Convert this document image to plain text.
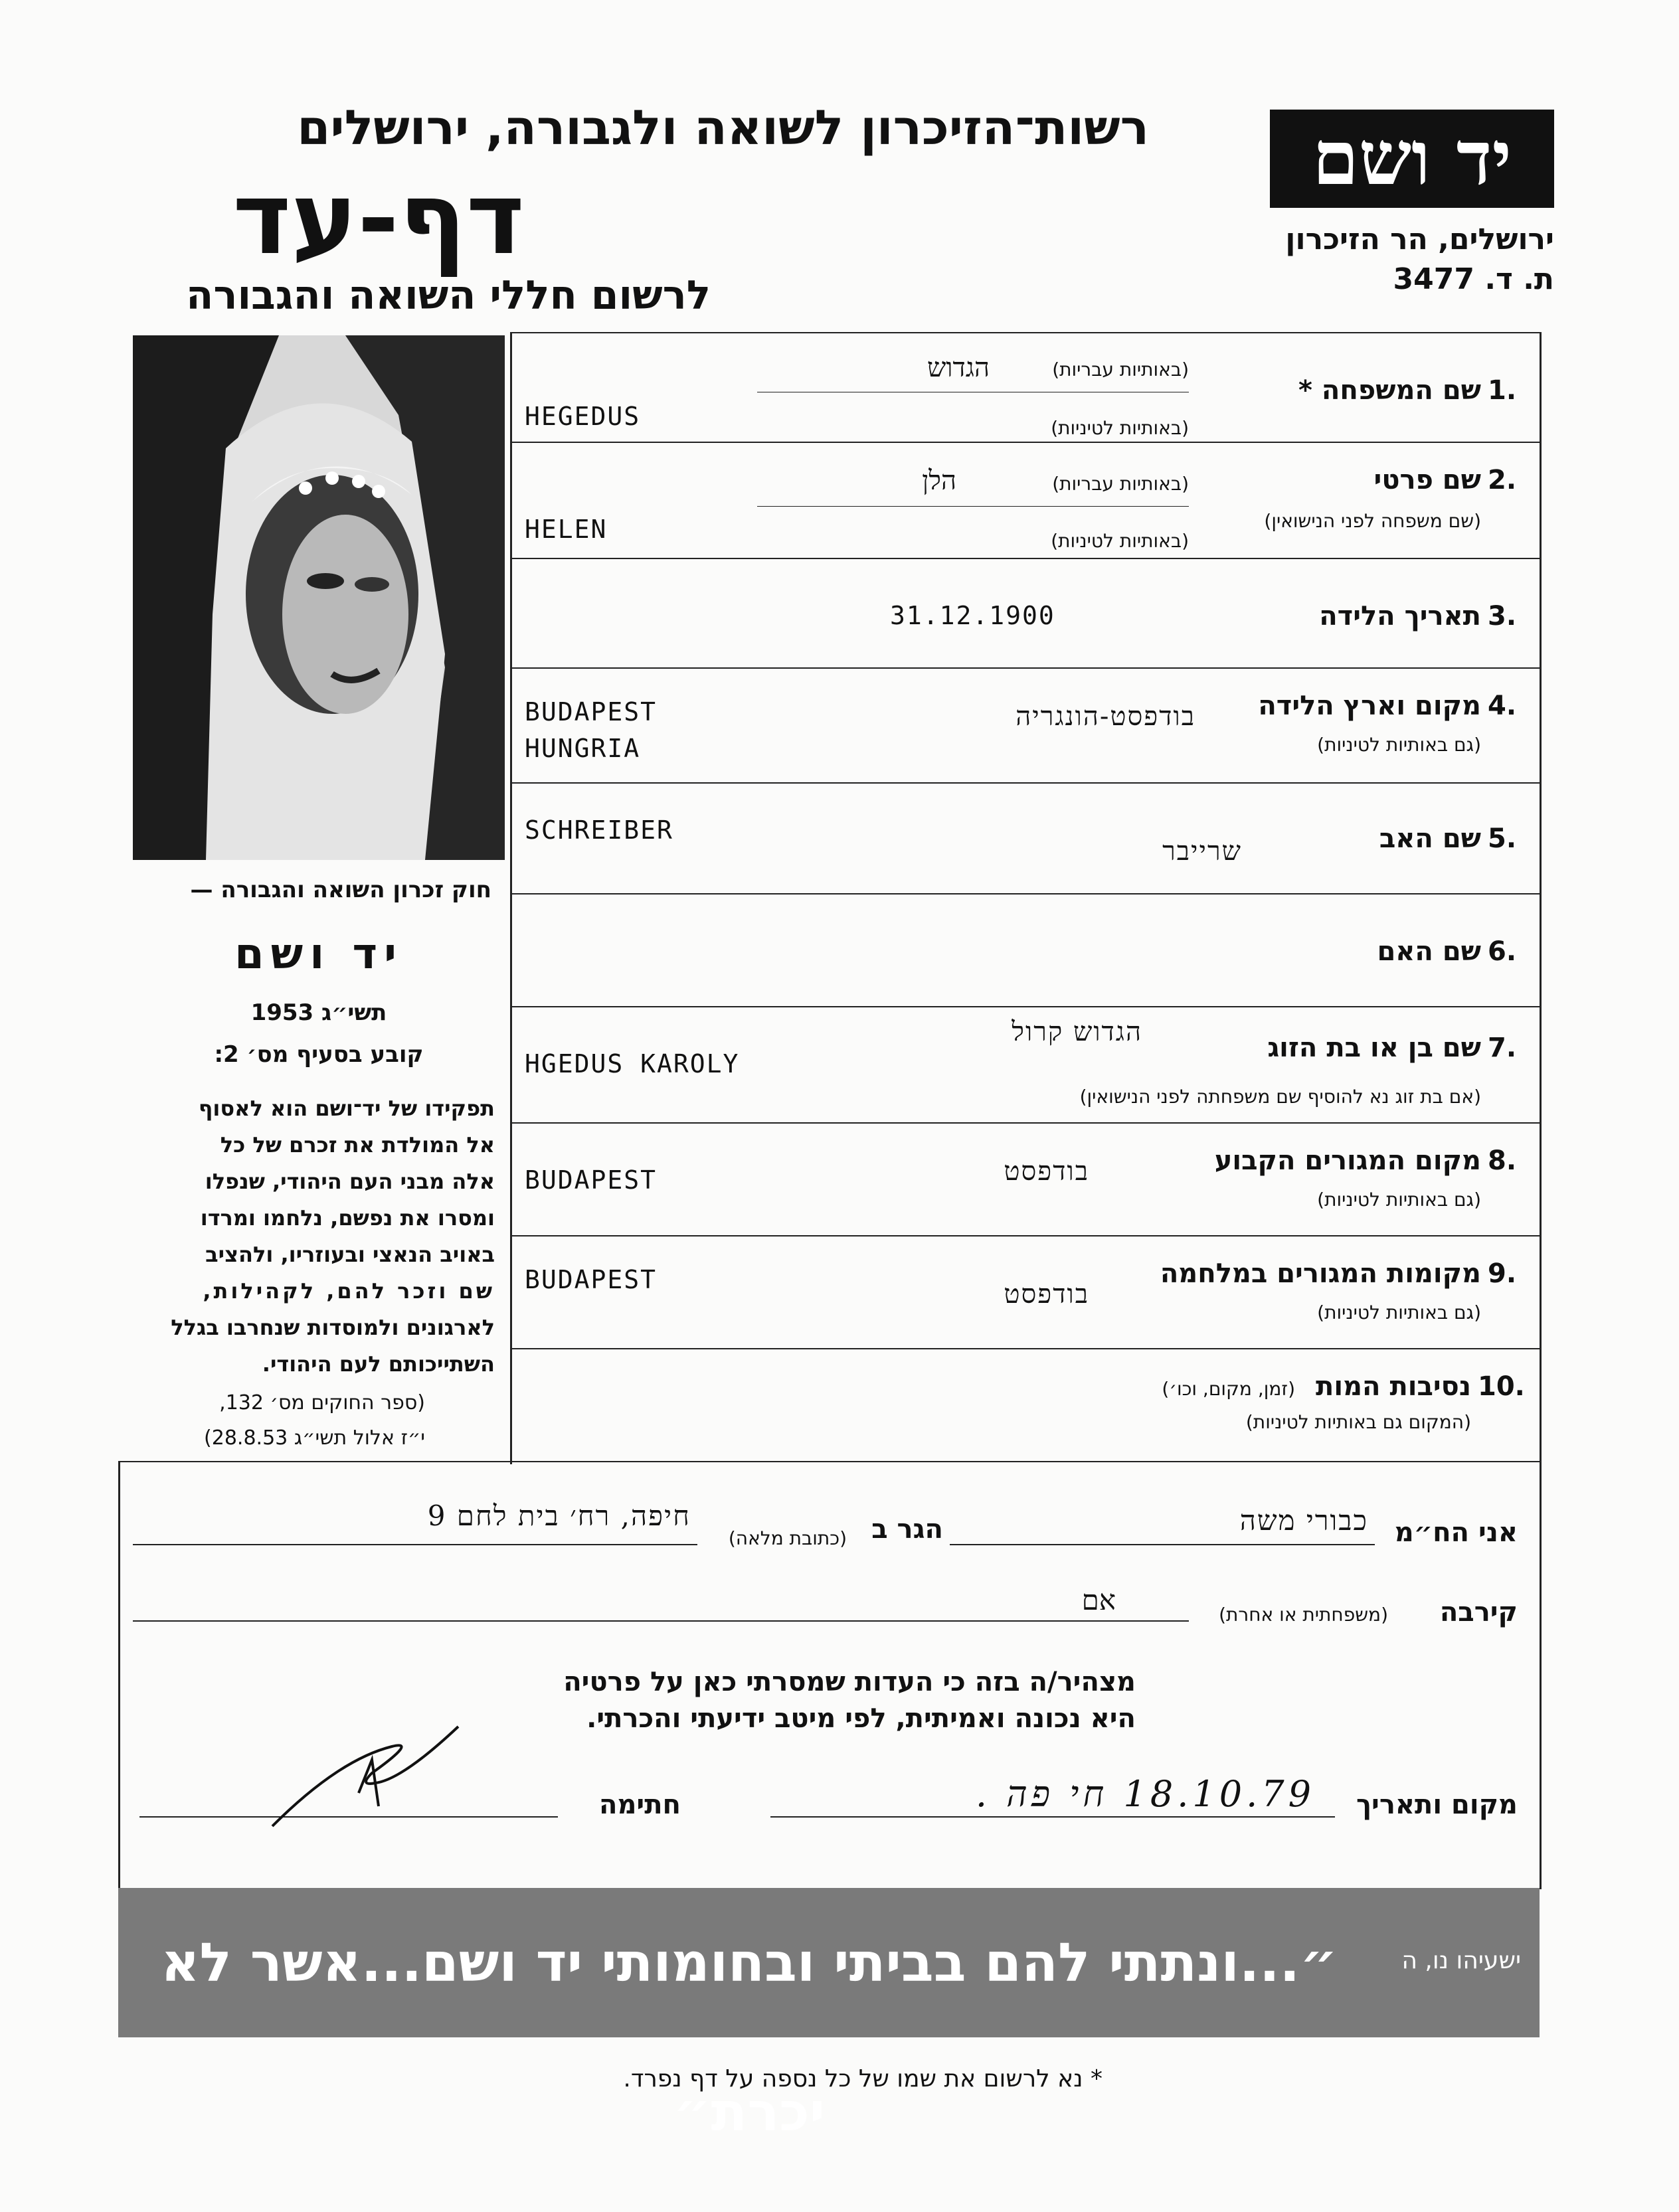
רשות־הזיכרון לשואה ולגבורה, ירושלים
דף-עד
לרשום חללי השואה והגבורה
יד ושם
ירושלים, הר הזיכרון
ת. ד. 3477
חוק זכרון השואה והגבורה —
יד ושם
תשי״ג 1953
קובע בסעיף מס׳ 2:
תפקידו של יד־ושם הוא לאסוף
אל המולדת את זכרם של כל
אלה מבני העם היהודי, שנפלו
ומסרו את נפשם, נלחמו ומרדו
באויב הנאצי ובעוזריו, ולהציב
שם וזכר להם, לקהילות,
לארגונים ולמוסדות שנחרבו בגלל
השתייכותם לעם היהודי.
(ספר החוקים מס׳ 132,
י״ז אלול תשי״ג 28.8.53)
1.
שם המשפחה *
(באותיות עבריות)
הגדוש
HEGEDUS	(באותיות לטיניות)
2.
שם פרטי
(שם משפחה לפני הנישואין)
(באותיות עבריות)
הלן
HELEN	(באותיות לטיניות)
3.
תאריך הלידה
31.12.1900
4.
מקום וארץ הלידה
(גם באותיות לטיניות)
בודפסט-הונגריה
BUDAPEST
HUNGRIA
5.
שם האב
שרייבר
SCHREIBER
6.
שם האם
7.
שם בן או בת הזוג
(אם בת זוג נא להוסיף שם משפחתה לפני הנישואין)
הגדוש קרול
HGEDUS KAROLY
8.
מקום המגורים הקבוע
(גם באותיות לטיניות)
בודפסט
BUDAPEST
9.
מקומות המגורים במלחמה
(גם באותיות לטיניות)
בודפסט
BUDAPEST
10.
נסיבות המות
(זמן, מקום, וכו׳)
(המקום גם באותיות לטיניות)
אני הח״מ
כבורי משה
הגר ב
(כתובת מלאה)
חיפה, רח׳ בית לחם 9
קירבה
(משפחתית או אחרת)
אם
מצהיר/ה בזה כי העדות שמסרתי כאן על פרטיה
היא נכונה ואמיתית, לפי מיטב ידיעתי והכרתי.
מקום ותאריך
18.10.79 חי פה .
חתימה
״...ונתתי להם בביתי ובחומותי יד ושם...אשר לא יכרת״
ישעיהו נו, ה
* נא לרשום את שמו של כל נספה על דף נפרד.
